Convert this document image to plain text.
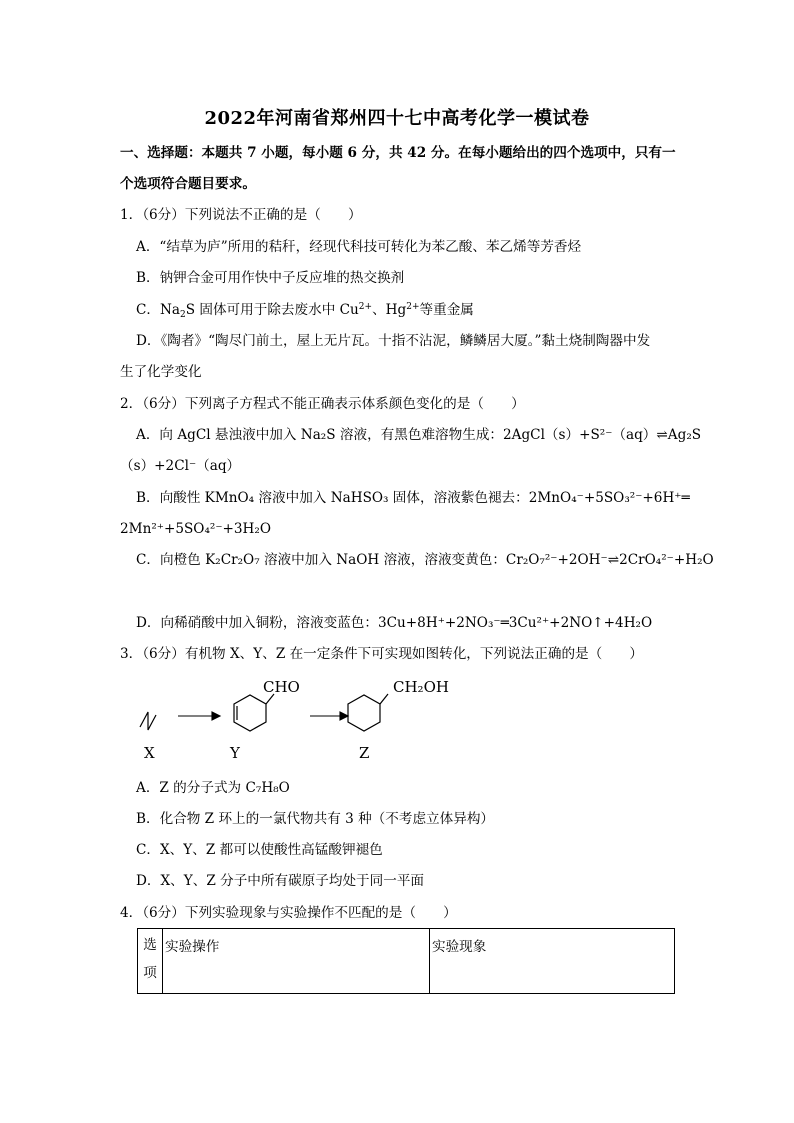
2022年河南省郑州四十七中高考化学一模试卷
一、选择题：本题共 7 小题，每小题 6 分，共 42 分。在每小题给出的四个选项中，只有一
个选项符合题目要求。
1．（6分）下列说法不正确的是（　　）
A．“结草为庐”所用的秸秆，经现代科技可转化为苯乙酸、苯乙烯等芳香烃
B．钠钾合金可用作快中子反应堆的热交换剂
C．$Na_2S$ 固体可用于除去废水中 $Cu^{2+}$、$Hg^{2+}$等重金属
D．《陶者》“陶尽门前土，屋上无片瓦。十指不沾泥，鳞鳞居大厦。”黏土烧制陶器中发
生了化学变化
2．（6分）下列离子方程式不能正确表示体系颜色变化的是（　　）
A．向 AgCl 悬浊液中加入 Na₂S 溶液，有黑色难溶物生成：2AgCl（s）+S²⁻（aq）⇌Ag₂S
（s）+2Cl⁻（aq）
B．向酸性 KMnO₄ 溶液中加入 NaHSO₃ 固体，溶液紫色褪去：2MnO₄⁻+5SO₃²⁻+6H⁺═
2Mn²⁺+5SO₄²⁻+3H₂O
C．向橙色 K₂Cr₂O₇ 溶液中加入 NaOH 溶液，溶液变黄色：Cr₂O₇²⁻+2OH⁻⇌2CrO₄²⁻+H₂O
D．向稀硝酸中加入铜粉，溶液变蓝色：3Cu+8H⁺+2NO₃⁻═3Cu²⁺+2NO↑+4H₂O
3．（6分）有机物 X、Y、Z 在一定条件下可实现如图转化，下列说法正确的是（　　）
CHO	CH₂OH
X	Y	Z
A．Z 的分子式为 C₇H₈O
B．化合物 Z 环上的一氯代物共有 3 种（不考虑立体异构）
C．X、Y、Z 都可以使酸性高锰酸钾褪色
D．X、Y、Z 分子中所有碳原子均处于同一平面
4．（6分）下列实验现象与实验操作不匹配的是（　　）
选项	实验操作	实验现象
